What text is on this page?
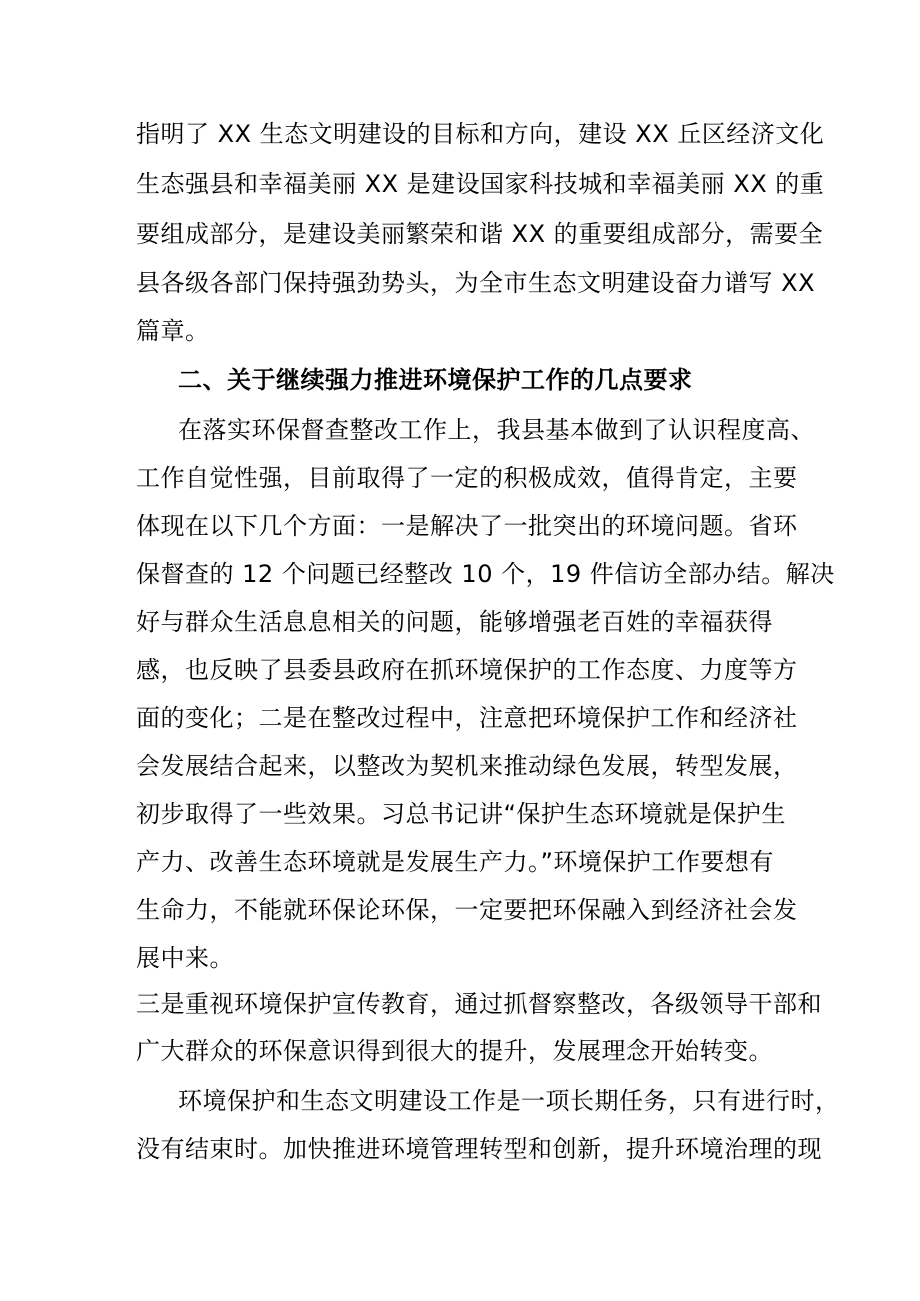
指明了 XX 生态文明建设的目标和方向，建设 XX 丘区经济文化
生态强县和幸福美丽 XX 是建设国家科技城和幸福美丽 XX 的重
要组成部分，是建设美丽繁荣和谐 XX 的重要组成部分，需要全
县各级各部门保持强劲势头，为全市生态文明建设奋力谱写 XX
篇章。
二、关于继续强力推进环境保护工作的几点要求
在落实环保督查整改工作上，我县基本做到了认识程度高、
工作自觉性强，目前取得了一定的积极成效，值得肯定，主要
体现在以下几个方面：一是解决了一批突出的环境问题。省环
保督查的 12 个问题已经整改 10 个，19 件信访全部办结。解决
好与群众生活息息相关的问题，能够增强老百姓的幸福获得
感，也反映了县委县政府在抓环境保护的工作态度、力度等方
面的变化；二是在整改过程中，注意把环境保护工作和经济社
会发展结合起来，以整改为契机来推动绿色发展，转型发展，
初步取得了一些效果。习总书记讲“保护生态环境就是保护生
产力、改善生态环境就是发展生产力。”环境保护工作要想有
生命力，不能就环保论环保，一定要把环保融入到经济社会发
展中来。
三是重视环境保护宣传教育，通过抓督察整改，各级领导干部和
广大群众的环保意识得到很大的提升，发展理念开始转变。
环境保护和生态文明建设工作是一项长期任务，只有进行时，
没有结束时。加快推进环境管理转型和创新，提升环境治理的现
